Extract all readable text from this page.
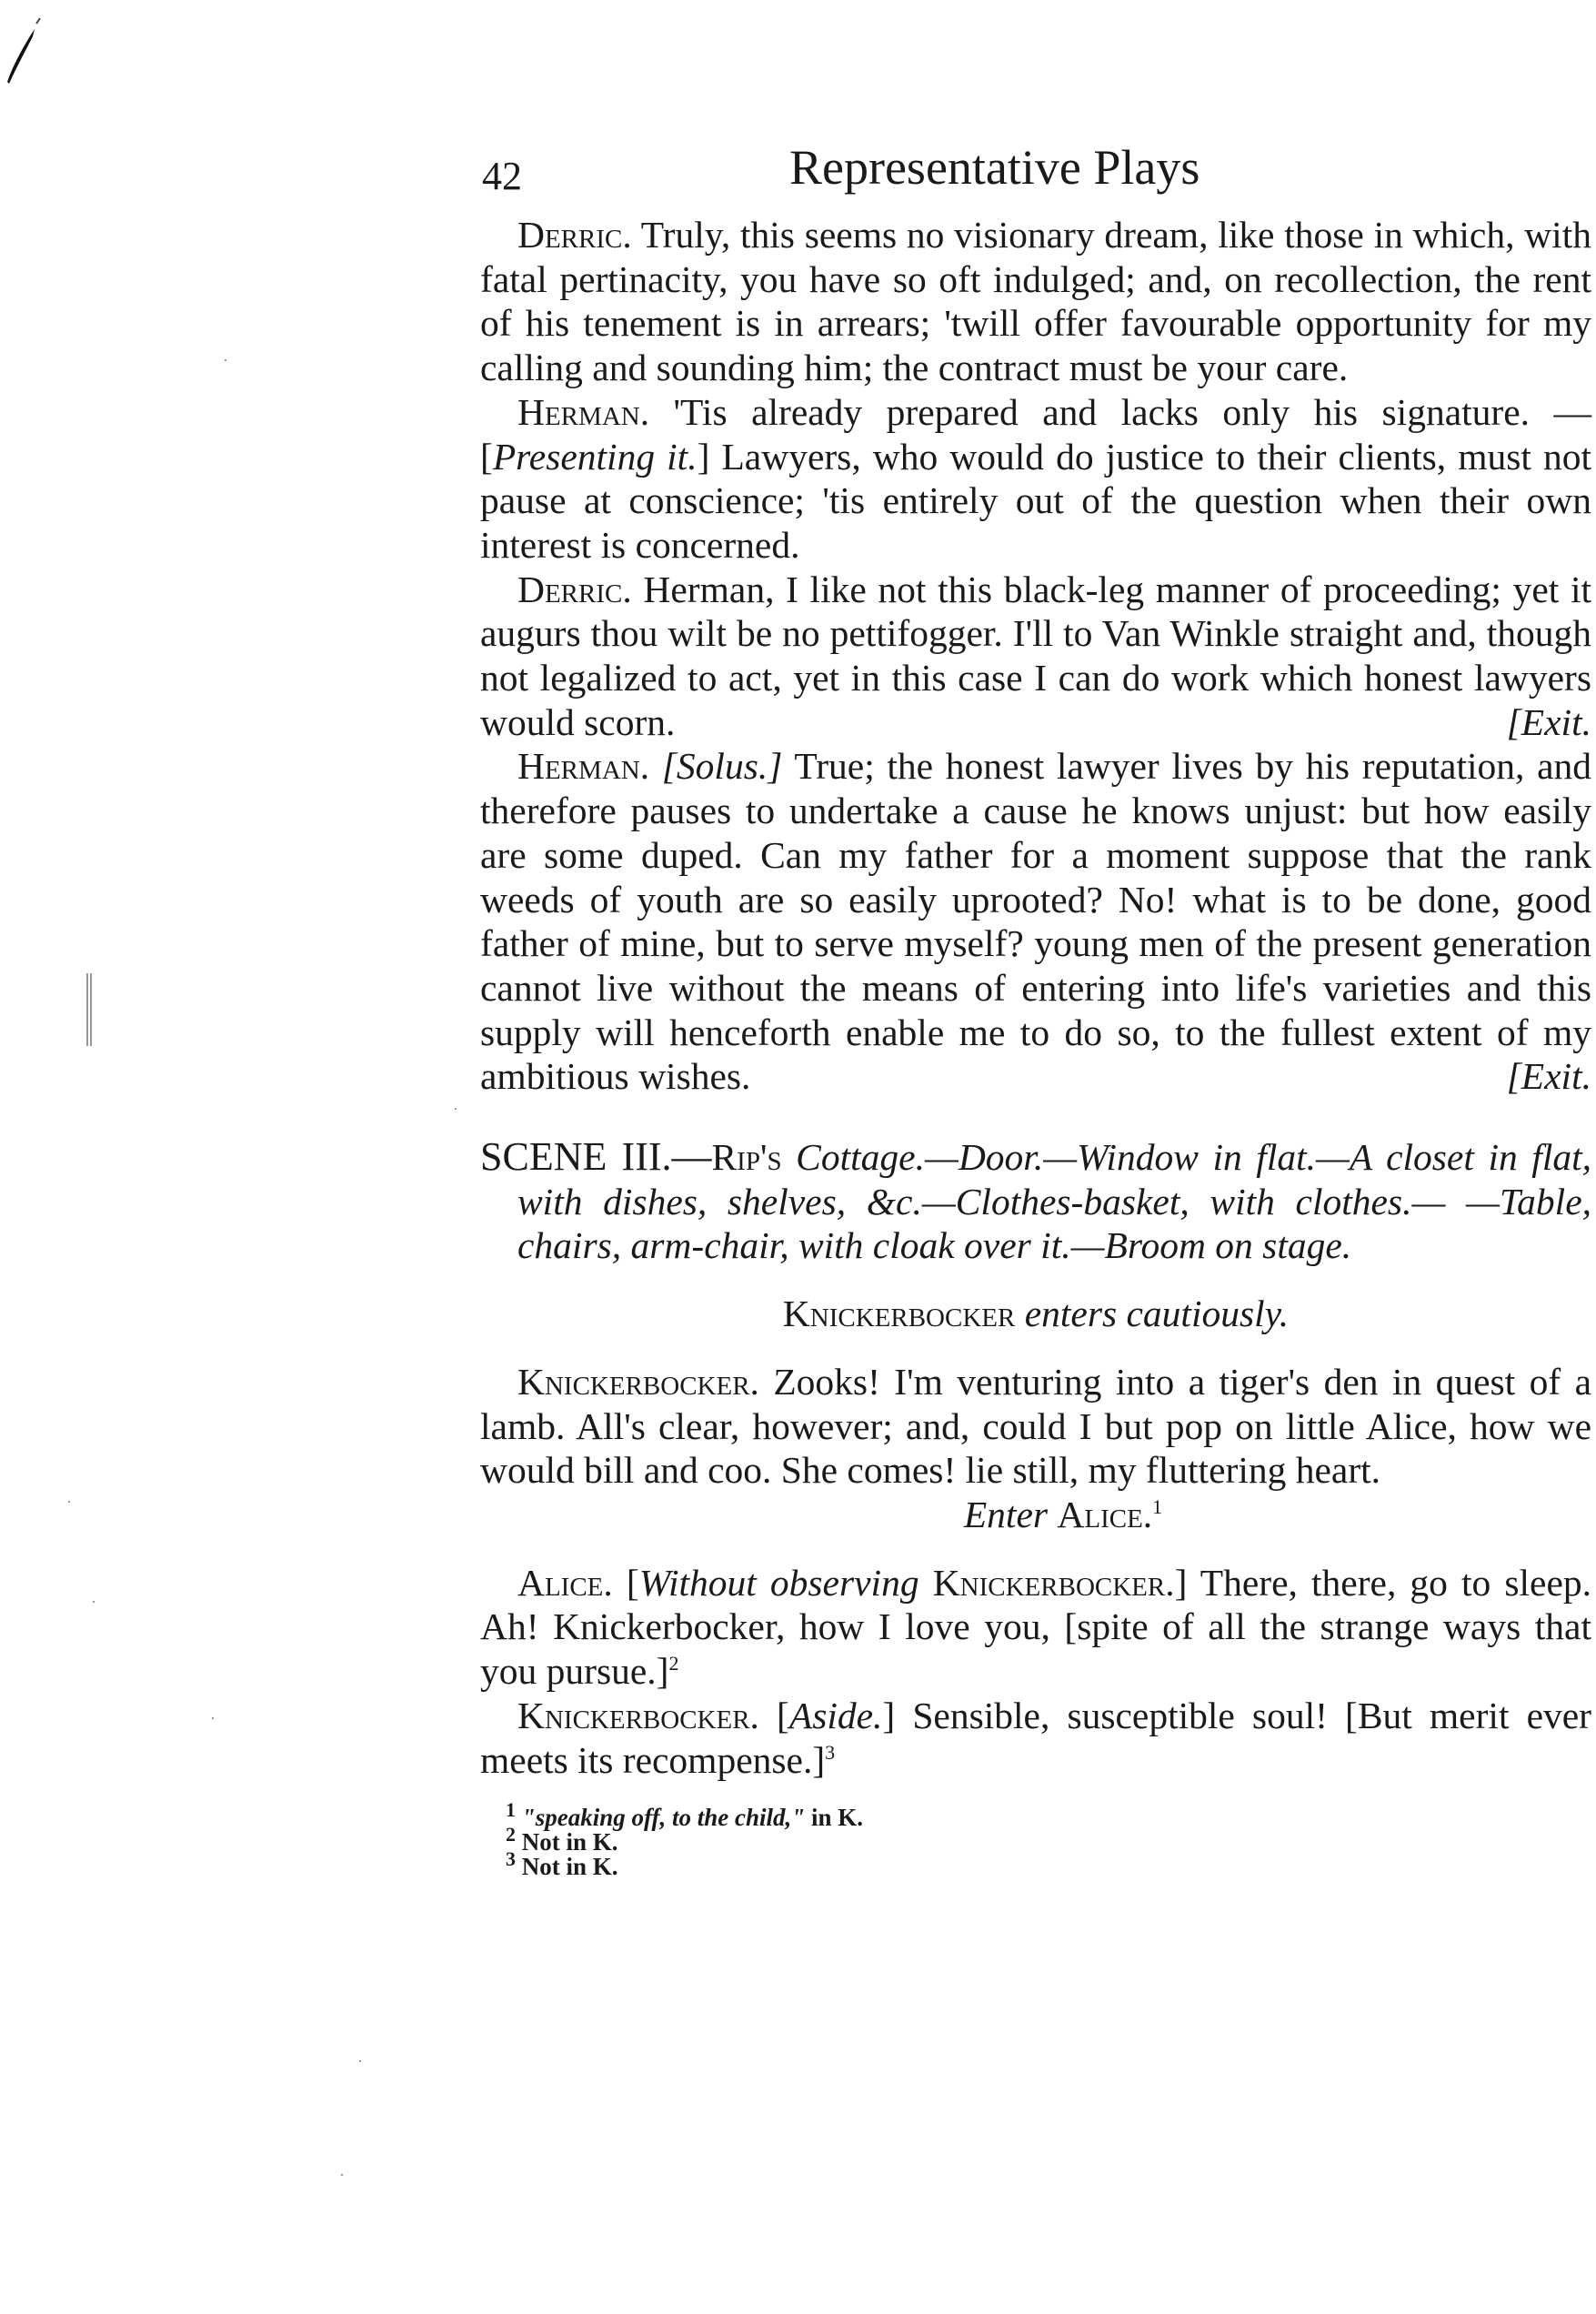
42	Representative Plays

Derric. Truly, this seems no visionary dream, like those in which, with fatal pertinacity, you have so oft indulged; and, on recollection, the rent of his tenement is in arrears; 'twill offer favourable opportunity for my calling and sounding him; the contract must be your care.

Herman. 'Tis already prepared and lacks only his signature. —[Presenting it.] Lawyers, who would do justice to their clients, must not pause at conscience; 'tis entirely out of the question when their own interest is concerned.

Derric. Herman, I like not this black-leg manner of proceeding; yet it augurs thou wilt be no pettifogger. I'll to Van Winkle straight and, though not legalized to act, yet in this case I can do work which honest lawyers would scorn.	[Exit.

Herman. [Solus.] True; the honest lawyer lives by his reputation, and therefore pauses to undertake a cause he knows unjust: but how easily are some duped. Can my father for a moment suppose that the rank weeds of youth are so easily uprooted? No! what is to be done, good father of mine, but to serve myself? young men of the present generation cannot live without the means of entering into life's varieties and this supply will henceforth enable me to do so, to the fullest extent of my ambitious wishes.	[Exit.

SCENE III.—Rip's Cottage.—Door.—Window in flat.—A closet in flat, with dishes, shelves, &c.—Clothes-basket, with clothes.— —Table, chairs, arm-chair, with cloak over it.—Broom on stage.

Knickerbocker enters cautiously.

Knickerbocker. Zooks! I'm venturing into a tiger's den in quest of a lamb. All's clear, however; and, could I but pop on little Alice, how we would bill and coo. She comes! lie still, my fluttering heart.

Enter Alice.$^1$

Alice. [Without observing Knickerbocker.] There, there, go to sleep. Ah! Knickerbocker, how I love you, [spite of all the strange ways that you pursue.]$^2$

Knickerbocker. [Aside.] Sensible, susceptible soul! [But merit ever meets its recompense.]$^3$

$^1$ "speaking off, to the child," in K.

$^2$ Not in K.

$^3$ Not in K.
